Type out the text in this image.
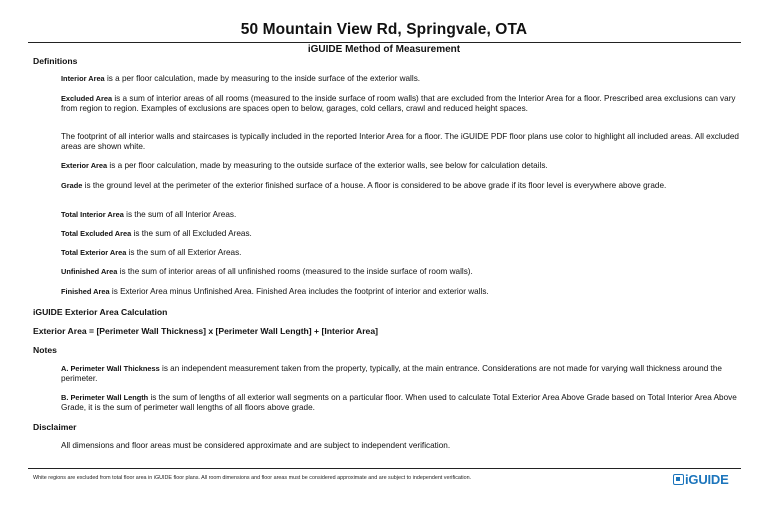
50 Mountain View Rd, Springvale, OTA
iGUIDE Method of Measurement
Definitions
Interior Area is a per floor calculation, made by measuring to the inside surface of the exterior walls.
Excluded Area is a sum of interior areas of all rooms (measured to the inside surface of room walls) that are excluded from the Interior Area for a floor. Prescribed area exclusions can vary from region to region. Examples of exclusions are spaces open to below, garages, cold cellars, crawl and reduced height spaces.
The footprint of all interior walls and staircases is typically included in the reported Interior Area for a floor. The iGUIDE PDF floor plans use color to highlight all included areas. All excluded areas are shown white.
Exterior Area is a per floor calculation, made by measuring to the outside surface of the exterior walls, see below for calculation details.
Grade is the ground level at the perimeter of the exterior finished surface of a house. A floor is considered to be above grade if its floor level is everywhere above grade.
Total Interior Area is the sum of all Interior Areas.
Total Excluded Area is the sum of all Excluded Areas.
Total Exterior Area is the sum of all Exterior Areas.
Unfinished Area is the sum of interior areas of all unfinished rooms (measured to the inside surface of room walls).
Finished Area is Exterior Area minus Unfinished Area. Finished Area includes the footprint of interior and exterior walls.
iGUIDE Exterior Area Calculation
Exterior Area = [Perimeter Wall Thickness] x [Perimeter Wall Length] + [Interior Area]
Notes
A. Perimeter Wall Thickness is an independent measurement taken from the property, typically, at the main entrance. Considerations are not made for varying wall thickness around the perimeter.
B. Perimeter Wall Length is the sum of lengths of all exterior wall segments on a particular floor. When used to calculate Total Exterior Area Above Grade based on Total Interior Area Above Grade, it is the sum of perimeter wall lengths of all floors above grade.
Disclaimer
All dimensions and floor areas must be considered approximate and are subject to independent verification.
White regions are excluded from total floor area in iGUIDE floor plans. All room dimensions and floor areas must be considered approximate and are subject to independent verification.	iGUIDE
